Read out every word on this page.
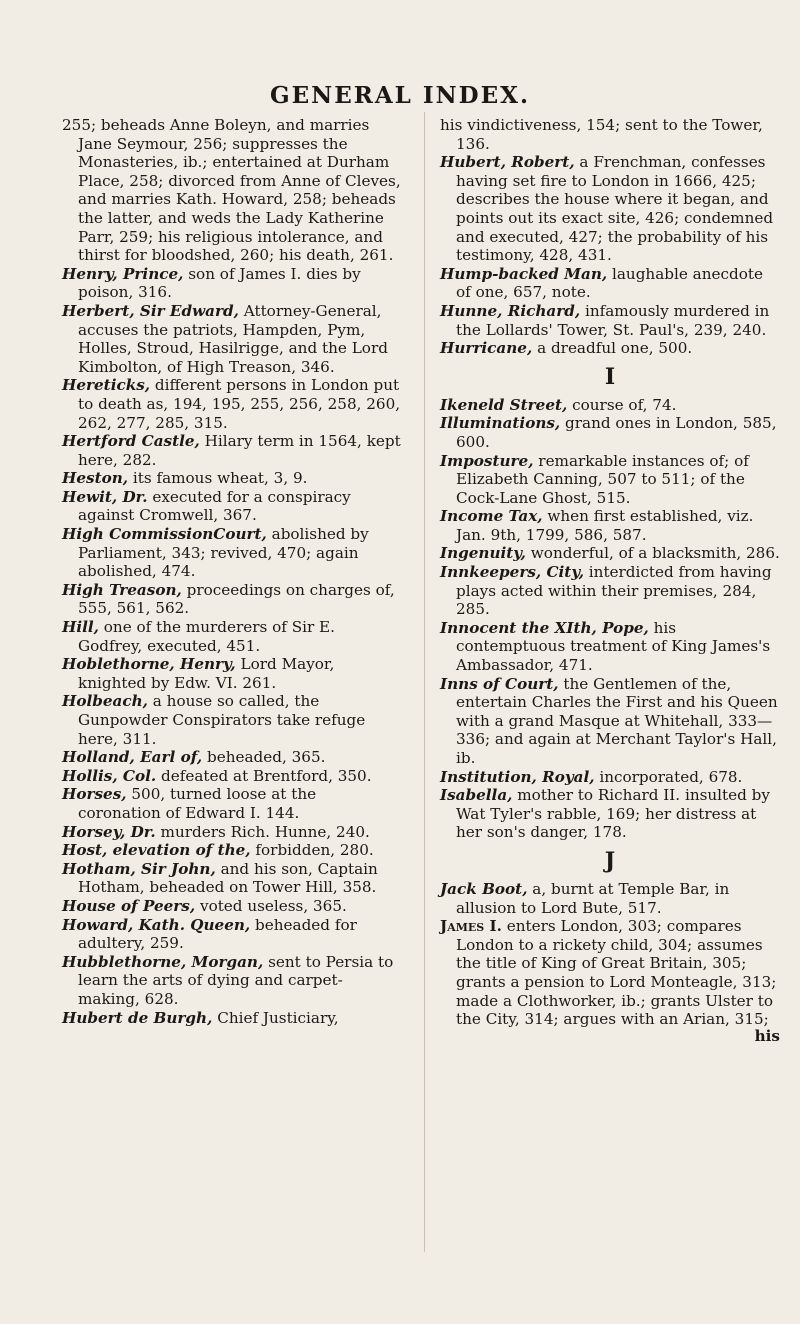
GENERAL INDEX.

255; beheads Anne Boleyn, and marries Jane Seymour, 256; suppresses the Monasteries, ib.; entertained at Durham Place, 258; divorced from Anne of Cleves, and marries Kath. Howard, 258; beheads the latter, and weds the Lady Katherine Parr, 259; his religious intolerance, and thirst for bloodshed, 260; his death, 261.

Henry, Prince, son of James I. dies by poison, 316.

Herbert, Sir Edward, Attorney-General, accuses the patriots, Hampden, Pym, Holles, Stroud, Hasilrigge, and the Lord Kimbolton, of High Treason, 346.

Hereticks, different persons in London put to death as, 194, 195, 255, 256, 258, 260, 262, 277, 285, 315.

Hertford Castle, Hilary term in 1564, kept here, 282.

Heston, its famous wheat, 3, 9.

Hewit, Dr. executed for a conspiracy against Cromwell, 367.

High CommissionCourt, abolished by Parliament, 343; revived, 470; again abolished, 474.

High Treason, proceedings on charges of, 555, 561, 562.

Hill, one of the murderers of Sir E. Godfrey, executed, 451.

Hoblethorne, Henry, Lord Mayor, knighted by Edw. VI. 261.

Holbeach, a house so called, the Gunpowder Conspirators take refuge here, 311.

Holland, Earl of, beheaded, 365.

Hollis, Col. defeated at Brentford, 350.

Horses, 500, turned loose at the coronation of Edward I. 144.

Horsey, Dr. murders Rich. Hunne, 240.

Host, elevation of the, forbidden, 280.

Hotham, Sir John, and his son, Captain Hotham, beheaded on Tower Hill, 358.

House of Peers, voted useless, 365.

Howard, Kath. Queen, beheaded for adultery, 259.

Hubblethorne, Morgan, sent to Persia to learn the arts of dying and carpet-making, 628.

Hubert de Burgh, Chief Justiciary,

his vindictiveness, 154; sent to the Tower, 136.

Hubert, Robert, a Frenchman, confesses having set fire to London in 1666, 425; describes the house where it began, and points out its exact site, 426; condemned and executed, 427; the probability of his testimony, 428, 431.

Hump-backed Man, laughable anecdote of one, 657, note.

Hunne, Richard, infamously murdered in the Lollards' Tower, St. Paul's, 239, 240.

Hurricane, a dreadful one, 500.

I

Ikeneld Street, course of, 74.

Illuminations, grand ones in London, 585, 600.

Imposture, remarkable instances of; of Elizabeth Canning, 507 to 511; of the Cock-Lane Ghost, 515.

Income Tax, when first established, viz. Jan. 9th, 1799, 586, 587.

Ingenuity, wonderful, of a blacksmith, 286.

Innkeepers, City, interdicted from having plays acted within their premises, 284, 285.

Innocent the XIth, Pope, his contemptuous treatment of King James's Ambassador, 471.

Inns of Court, the Gentlemen of the, entertain Charles the First and his Queen with a grand Masque at Whitehall, 333—336; and again at Merchant Taylor's Hall, ib.

Institution, Royal, incorporated, 678.

Isabella, mother to Richard II. insulted by Wat Tyler's rabble, 169; her distress at her son's danger, 178.

J

Jack Boot, a, burnt at Temple Bar, in allusion to Lord Bute, 517.

James I. enters London, 303; compares London to a rickety child, 304; assumes the title of King of Great Britain, 305; grants a pension to Lord Monteagle, 313; made a Clothworker, ib.; grants Ulster to the City, 314; argues with an Arian, 315;

his
